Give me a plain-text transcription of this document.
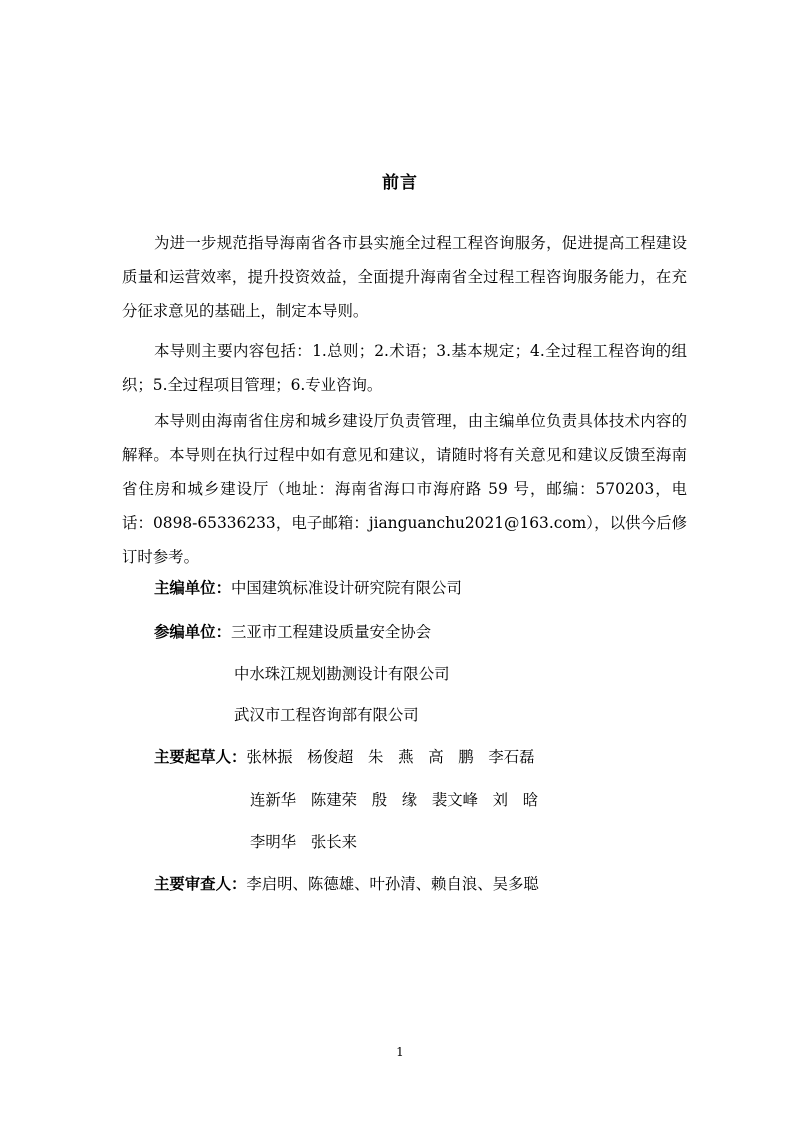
前言

为进一步规范指导海南省各市县实施全过程工程咨询服务，促进提高工程建设质量和运营效率，提升投资效益，全面提升海南省全过程工程咨询服务能力，在充分征求意见的基础上，制定本导则。

本导则主要内容包括：1.总则；2.术语；3.基本规定；4.全过程工程咨询的组织；5.全过程项目管理；6.专业咨询。

本导则由海南省住房和城乡建设厅负责管理，由主编单位负责具体技术内容的解释。本导则在执行过程中如有意见和建议，请随时将有关意见和建议反馈至海南省住房和城乡建设厅（地址：海南省海口市海府路 59 号，邮编：570203，电话：0898-65336233，电子邮箱：jianguanchu2021@163.com），以供今后修订时参考。

主编单位：中国建筑标准设计研究院有限公司
参编单位：三亚市工程建设质量安全协会
中水珠江规划勘测设计有限公司
武汉市工程咨询部有限公司
主要起草人：张林振   杨俊超   朱   燕   高   鹏   李石磊
连新华   陈建荣   殷   缘   裴文峰   刘   晗
李明华   张长来
主要审查人：李启明、陈德雄、叶孙清、赖自浪、吴多聪
1
